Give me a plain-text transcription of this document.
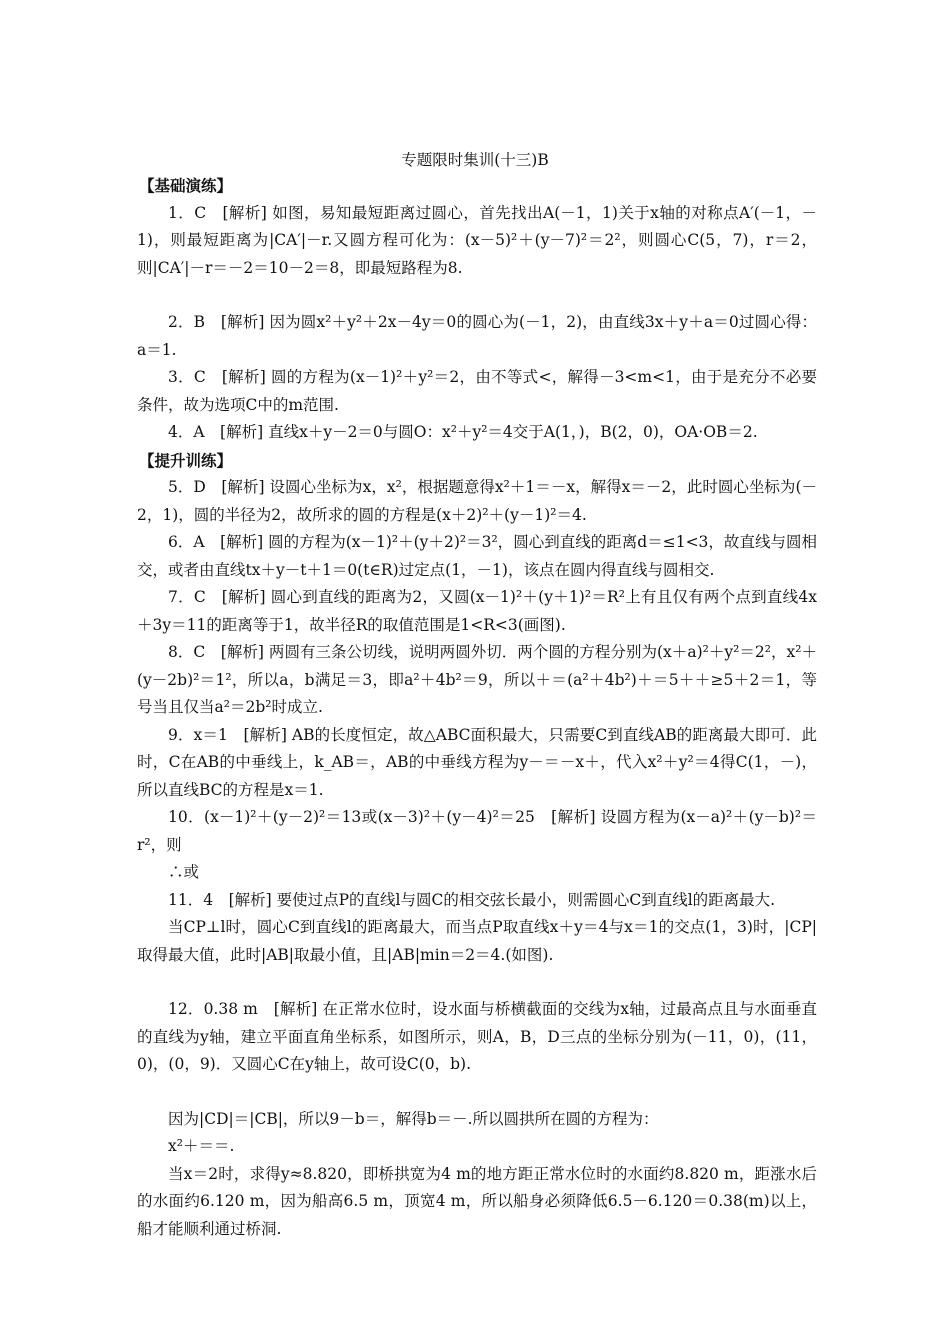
专题限时集训(十三)B

【基础演练】

1．C　[解析] 如图，易知最短距离过圆心，首先找出A(－1，1)关于x轴的对称点A′(－1，－1)，则最短距离为|CA′|－r.又圆方程可化为：(x－5)²＋(y－7)²＝2²，则圆心C(5，7)，r＝2，则|CA′|－r＝－2＝10－2＝8，即最短路程为8.

2．B　[解析] 因为圆x²＋y²＋2x－4y＝0的圆心为(－1，2)，由直线3x＋y＋a＝0过圆心得：a＝1.

3．C　[解析] 圆的方程为(x－1)²＋y²＝2，由不等式<，解得－3<m<1，由于是充分不必要条件，故为选项C中的m范围.

4．A　[解析] 直线x＋y－2＝0与圆O：x²＋y²＝4交于A(1，)，B(2，0)，OA·OB＝2.

【提升训练】

5．D　[解析] 设圆心坐标为x，x²，根据题意得x²＋1＝－x，解得x＝－2，此时圆心坐标为(－2，1)，圆的半径为2，故所求的圆的方程是(x＋2)²＋(y－1)²＝4.

6．A　[解析] 圆的方程为(x－1)²＋(y＋2)²＝3²，圆心到直线的距离d＝≤1<3，故直线与圆相交，或者由直线tx＋y－t＋1＝0(t∈R)过定点(1，－1)，该点在圆内得直线与圆相交.

7．C　[解析] 圆心到直线的距离为2，又圆(x－1)²＋(y＋1)²＝R²上有且仅有两个点到直线4x＋3y＝11的距离等于1，故半径R的取值范围是1<R<3(画图).

8．C　[解析] 两圆有三条公切线，说明两圆外切．两个圆的方程分别为(x＋a)²＋y²＝2²，x²＋(y－2b)²＝1²，所以a，b满足＝3，即a²＋4b²＝9，所以＋＝(a²＋4b²)＋＝5＋＋≥5＋2＝1，等号当且仅当a²＝2b²时成立.

9．x＝1　[解析] AB的长度恒定，故△ABC面积最大，只需要C到直线AB的距离最大即可．此时，C在AB的中垂线上，k_AB＝，AB的中垂线方程为y－＝－x＋，代入x²＋y²＝4得C(1，－)，所以直线BC的方程是x＝1.

10．(x－1)²＋(y－2)²＝13或(x－3)²＋(y－4)²＝25　[解析] 设圆方程为(x－a)²＋(y－b)²＝r²，则

∴或

11．4　[解析] 要使过点P的直线l与圆C的相交弦长最小，则需圆心C到直线l的距离最大.

当CP⊥l时，圆心C到直线l的距离最大，而当点P取直线x＋y＝4与x＝1的交点(1，3)时，|CP|取得最大值，此时|AB|取最小值，且|AB|min＝2＝4.(如图).

12．0.38 m　[解析] 在正常水位时，设水面与桥横截面的交线为x轴，过最高点且与水面垂直的直线为y轴，建立平面直角坐标系，如图所示，则A，B，D三点的坐标分别为(－11，0)，(11，0)，(0，9)．又圆心C在y轴上，故可设C(0，b).

因为|CD|＝|CB|，所以9－b＝，解得b＝－.所以圆拱所在圆的方程为：

x²＋＝＝.

当x＝2时，求得y≈8.820，即桥拱宽为4 m的地方距正常水位时的水面约8.820 m，距涨水后的水面约6.120 m，因为船高6.5 m，顶宽4 m，所以船身必须降低6.5－6.120＝0.38(m)以上，船才能顺利通过桥洞.
